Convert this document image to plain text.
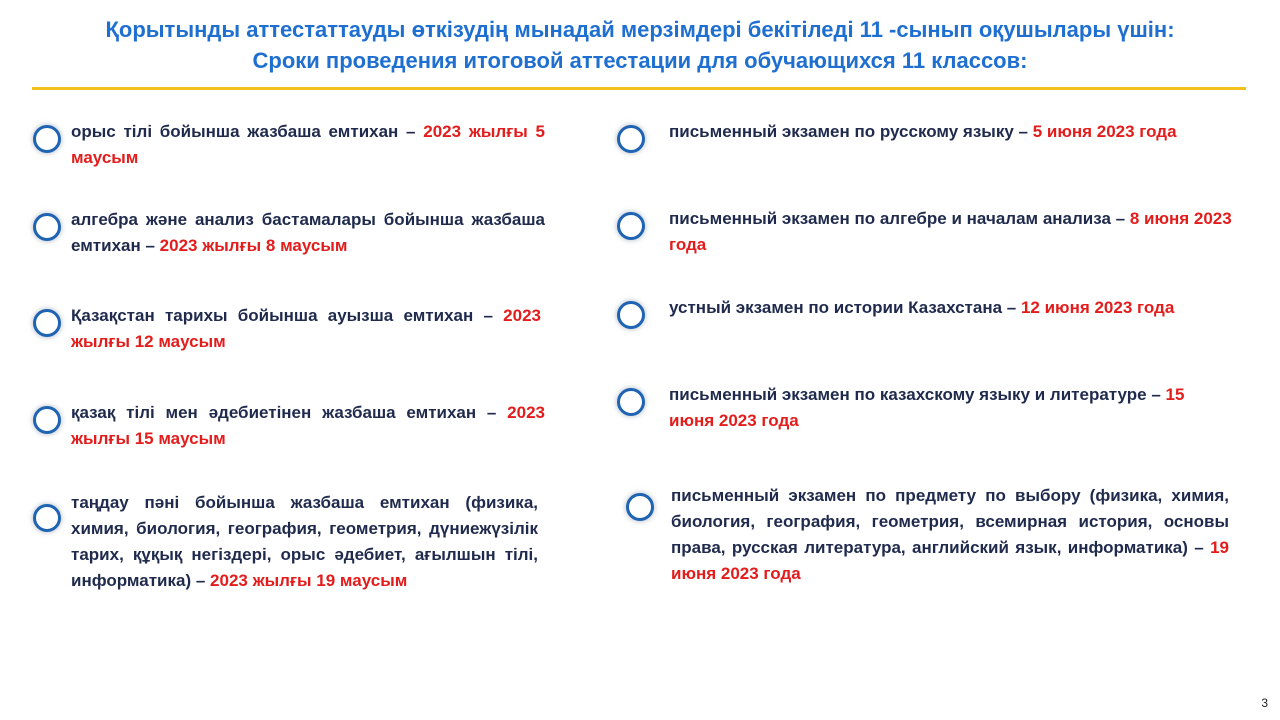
Қорытынды аттестаттауды өткізудің мынадай мерзімдері бекітіледі 11 -сынып оқушылары үшін:
Сроки проведения итоговой аттестации для обучающихся 11 классов:
орыс тілі бойынша жазбаша емтихан – 2023 жылғы 5 маусым
алгебра және анализ бастамалары бойынша жазбаша емтихан – 2023 жылғы 8 маусым
Қазақстан тарихы бойынша ауызша емтихан – 2023 жылғы 12 маусым
қазақ тілі мен әдебиетінен жазбаша емтихан – 2023 жылғы 15 маусым
таңдау пәні бойынша жазбаша емтихан (физика, химия, биология, география, геометрия, дүниежүзілік тарих, құқық негіздері, орыс әдебиет, ағылшын тілі, информатика) – 2023 жылғы 19 маусым
письменный экзамен по русскому языку – 5 июня 2023 года
письменный экзамен по алгебре и началам анализа – 8 июня 2023 года
устный экзамен по истории Казахстана – 12 июня 2023 года
письменный экзамен по казахскому языку и литературе – 15 июня 2023 года
письменный экзамен по предмету по выбору (физика, химия, биология, география, геометрия, всемирная история, основы права, русская литература, английский язык, информатика) – 19 июня 2023 года
3
